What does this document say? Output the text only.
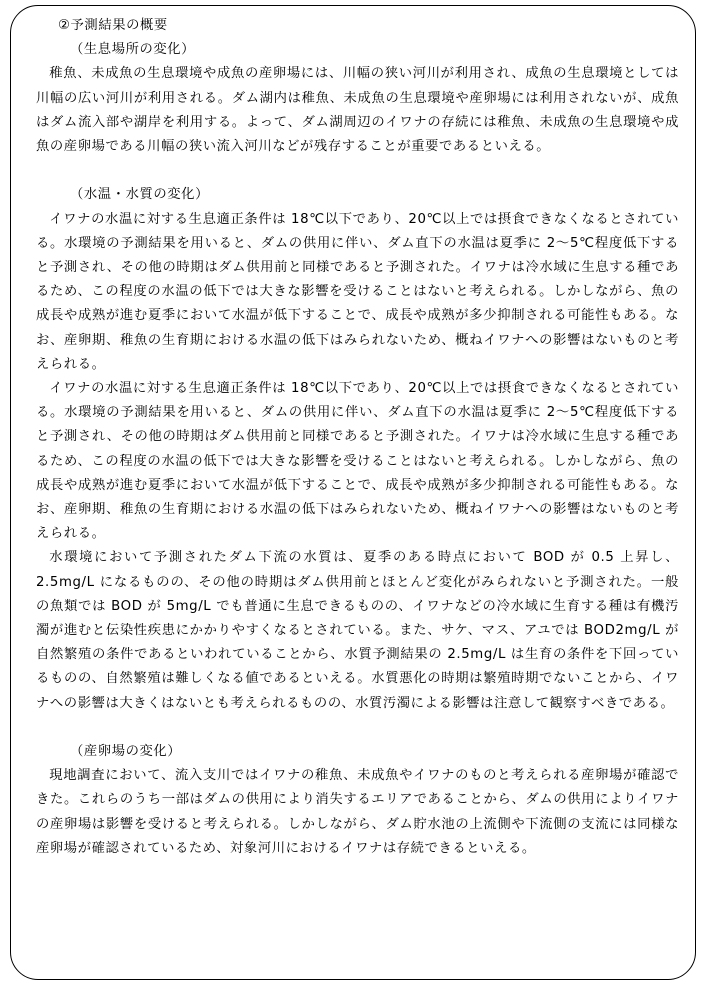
②予測結果の概要

（生息場所の変化）

稚魚、未成魚の生息環境や成魚の産卵場には、川幅の狭い河川が利用され、成魚の生息環境としては川幅の広い河川が利用される。ダム湖内は稚魚、未成魚の生息環境や産卵場には利用されないが、成魚はダム流入部や湖岸を利用する。よって、ダム湖周辺のイワナの存続には稚魚、未成魚の生息環境や成魚の産卵場である川幅の狭い流入河川などが残存することが重要であるといえる。

（水温・水質の変化）

イワナの水温に対する生息適正条件は 18℃以下であり、20℃以上では摂食できなくなるとされている。水環境の予測結果を用いると、ダムの供用に伴い、ダム直下の水温は夏季に 2～5℃程度低下すると予測され、その他の時期はダム供用前と同様であると予測された。イワナは冷水域に生息する種であるため、この程度の水温の低下では大きな影響を受けることはないと考えられる。しかしながら、魚の成長や成熟が進む夏季において水温が低下することで、成長や成熟が多少抑制される可能性もある。なお、産卵期、稚魚の生育期における水温の低下はみられないため、概ねイワナへの影響はないものと考えられる。

イワナの水温に対する生息適正条件は 18℃以下であり、20℃以上では摂食できなくなるとされている。水環境の予測結果を用いると、ダムの供用に伴い、ダム直下の水温は夏季に 2～5℃程度低下すると予測され、その他の時期はダム供用前と同様であると予測された。イワナは冷水域に生息する種であるため、この程度の水温の低下では大きな影響を受けることはないと考えられる。しかしながら、魚の成長や成熟が進む夏季において水温が低下することで、成長や成熟が多少抑制される可能性もある。なお、産卵期、稚魚の生育期における水温の低下はみられないため、概ねイワナへの影響はないものと考えられる。

水環境において予測されたダム下流の水質は、夏季のある時点において BOD が 0.5 上昇し、2.5mg/L になるものの、その他の時期はダム供用前とほとんど変化がみられないと予測された。一般の魚類では BOD が 5mg/L でも普通に生息できるものの、イワナなどの冷水域に生育する種は有機汚濁が進むと伝染性疾患にかかりやすくなるとされている。また、サケ、マス、アユでは BOD2mg/L が自然繁殖の条件であるといわれていることから、水質予測結果の 2.5mg/L は生育の条件を下回っているものの、自然繁殖は難しくなる値であるといえる。水質悪化の時期は繁殖時期でないことから、イワナへの影響は大きくはないとも考えられるものの、水質汚濁による影響は注意して観察すべきである。

（産卵場の変化）

現地調査において、流入支川ではイワナの稚魚、未成魚やイワナのものと考えられる産卵場が確認できた。これらのうち一部はダムの供用により消失するエリアであることから、ダムの供用によりイワナの産卵場は影響を受けると考えられる。しかしながら、ダム貯水池の上流側や下流側の支流には同様な産卵場が確認されているため、対象河川におけるイワナは存続できるといえる。
